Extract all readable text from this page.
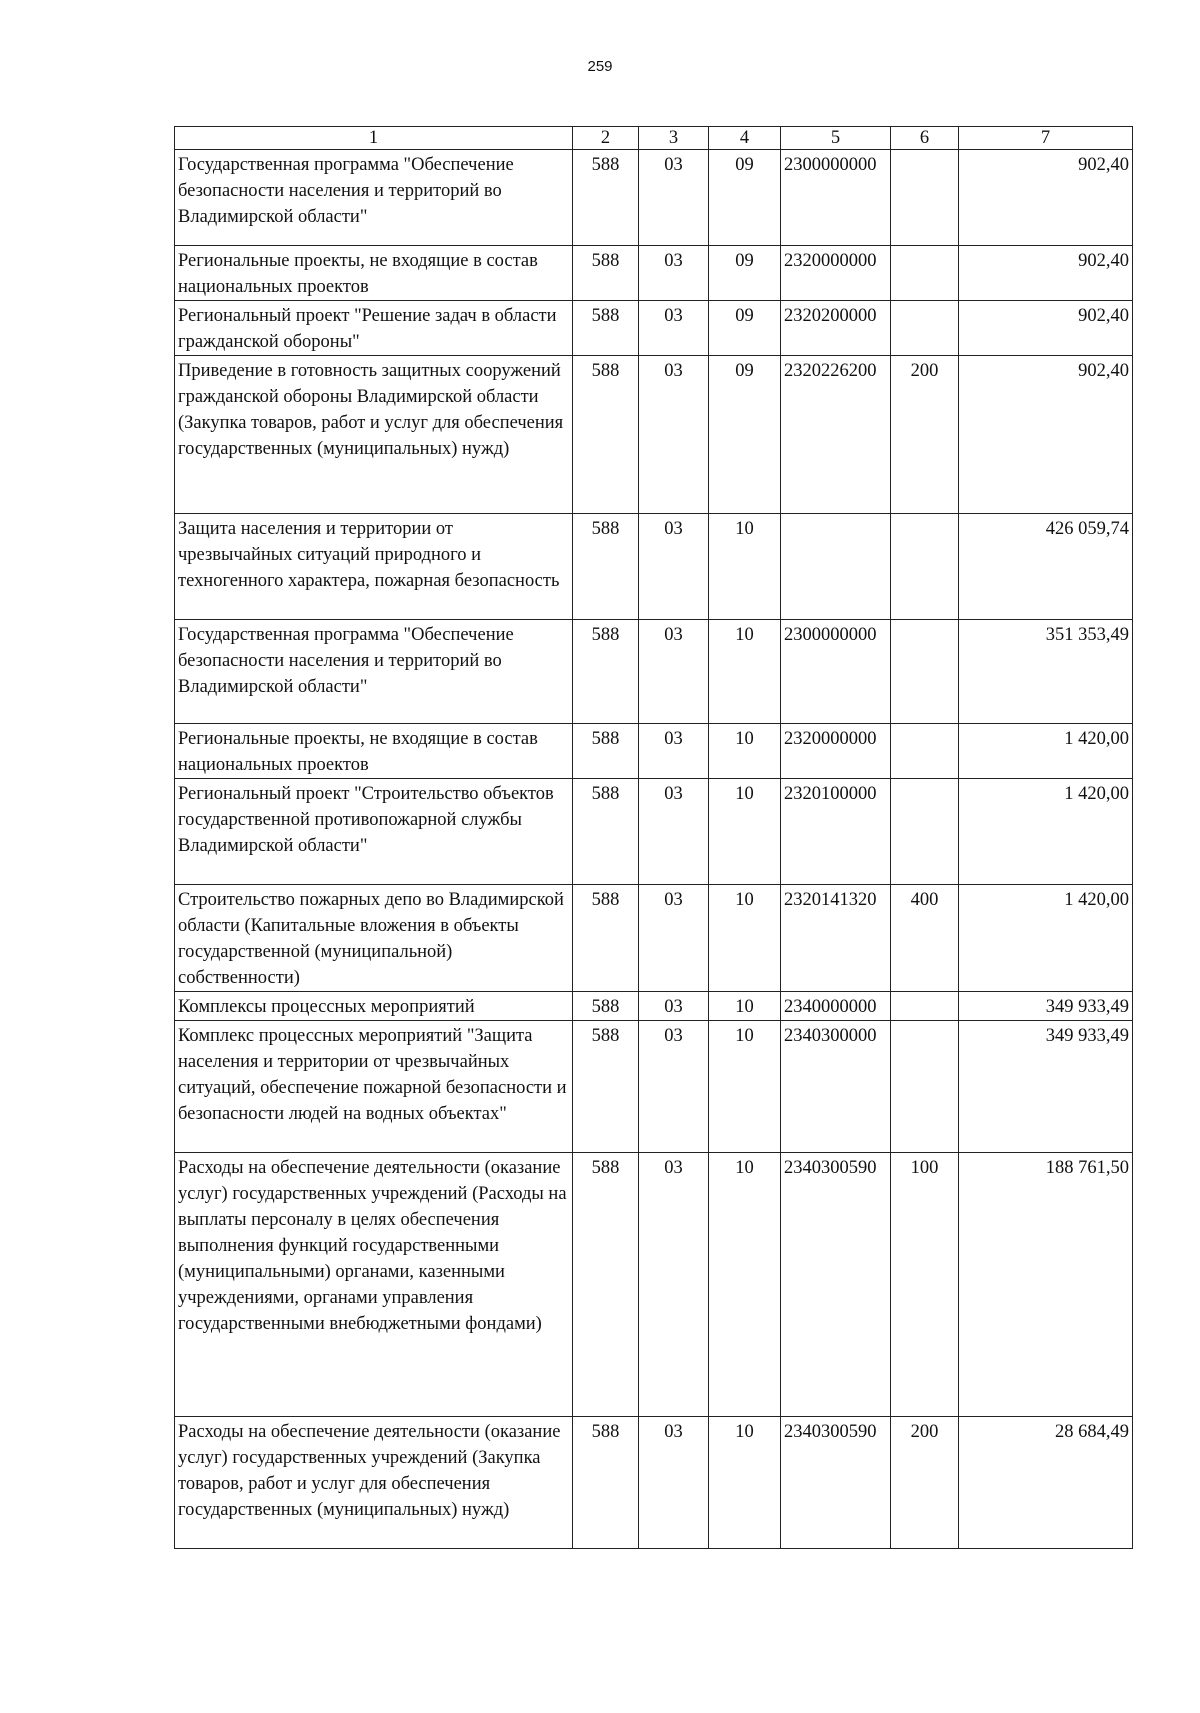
259
1	2	3	4	5	6	7
Государственная программа "Обеспечение безопасности населения и территорий во Владимирской области"	588	03	09	2300000000		902,40
Региональные проекты, не входящие в состав национальных проектов	588	03	09	2320000000		902,40
Региональный проект "Решение задач в области гражданской обороны"	588	03	09	2320200000		902,40
Приведение в готовность защитных сооружений гражданской обороны Владимирской области (Закупка товаров, работ и услуг для обеспечения государственных (муниципальных) нужд)	588	03	09	2320226200	200	902,40
Защита населения и территории от чрезвычайных ситуаций природного и техногенного характера, пожарная безопасность	588	03	10			426 059,74
Государственная программа "Обеспечение безопасности населения и территорий во Владимирской области"	588	03	10	2300000000		351 353,49
Региональные проекты, не входящие в состав национальных проектов	588	03	10	2320000000		1 420,00
Региональный проект "Строительство объектов государственной противопожарной службы Владимирской области"	588	03	10	2320100000		1 420,00
Строительство пожарных депо во Владимирской области (Капитальные вложения в объекты государственной (муниципальной) собственности)	588	03	10	2320141320	400	1 420,00
Комплексы процессных мероприятий	588	03	10	2340000000		349 933,49
Комплекс процессных мероприятий "Защита населения и территории от чрезвычайных ситуаций, обеспечение пожарной безопасности и безопасности людей на водных объектах"	588	03	10	2340300000		349 933,49
Расходы на обеспечение деятельности (оказание услуг) государственных учреждений (Расходы на выплаты персоналу в целях обеспечения выполнения функций государственными (муниципальными) органами, казенными учреждениями, органами управления государственными внебюджетными фондами)	588	03	10	2340300590	100	188 761,50
Расходы на обеспечение деятельности (оказание услуг) государственных учреждений (Закупка товаров, работ и услуг для обеспечения государственных (муниципальных) нужд)	588	03	10	2340300590	200	28 684,49
